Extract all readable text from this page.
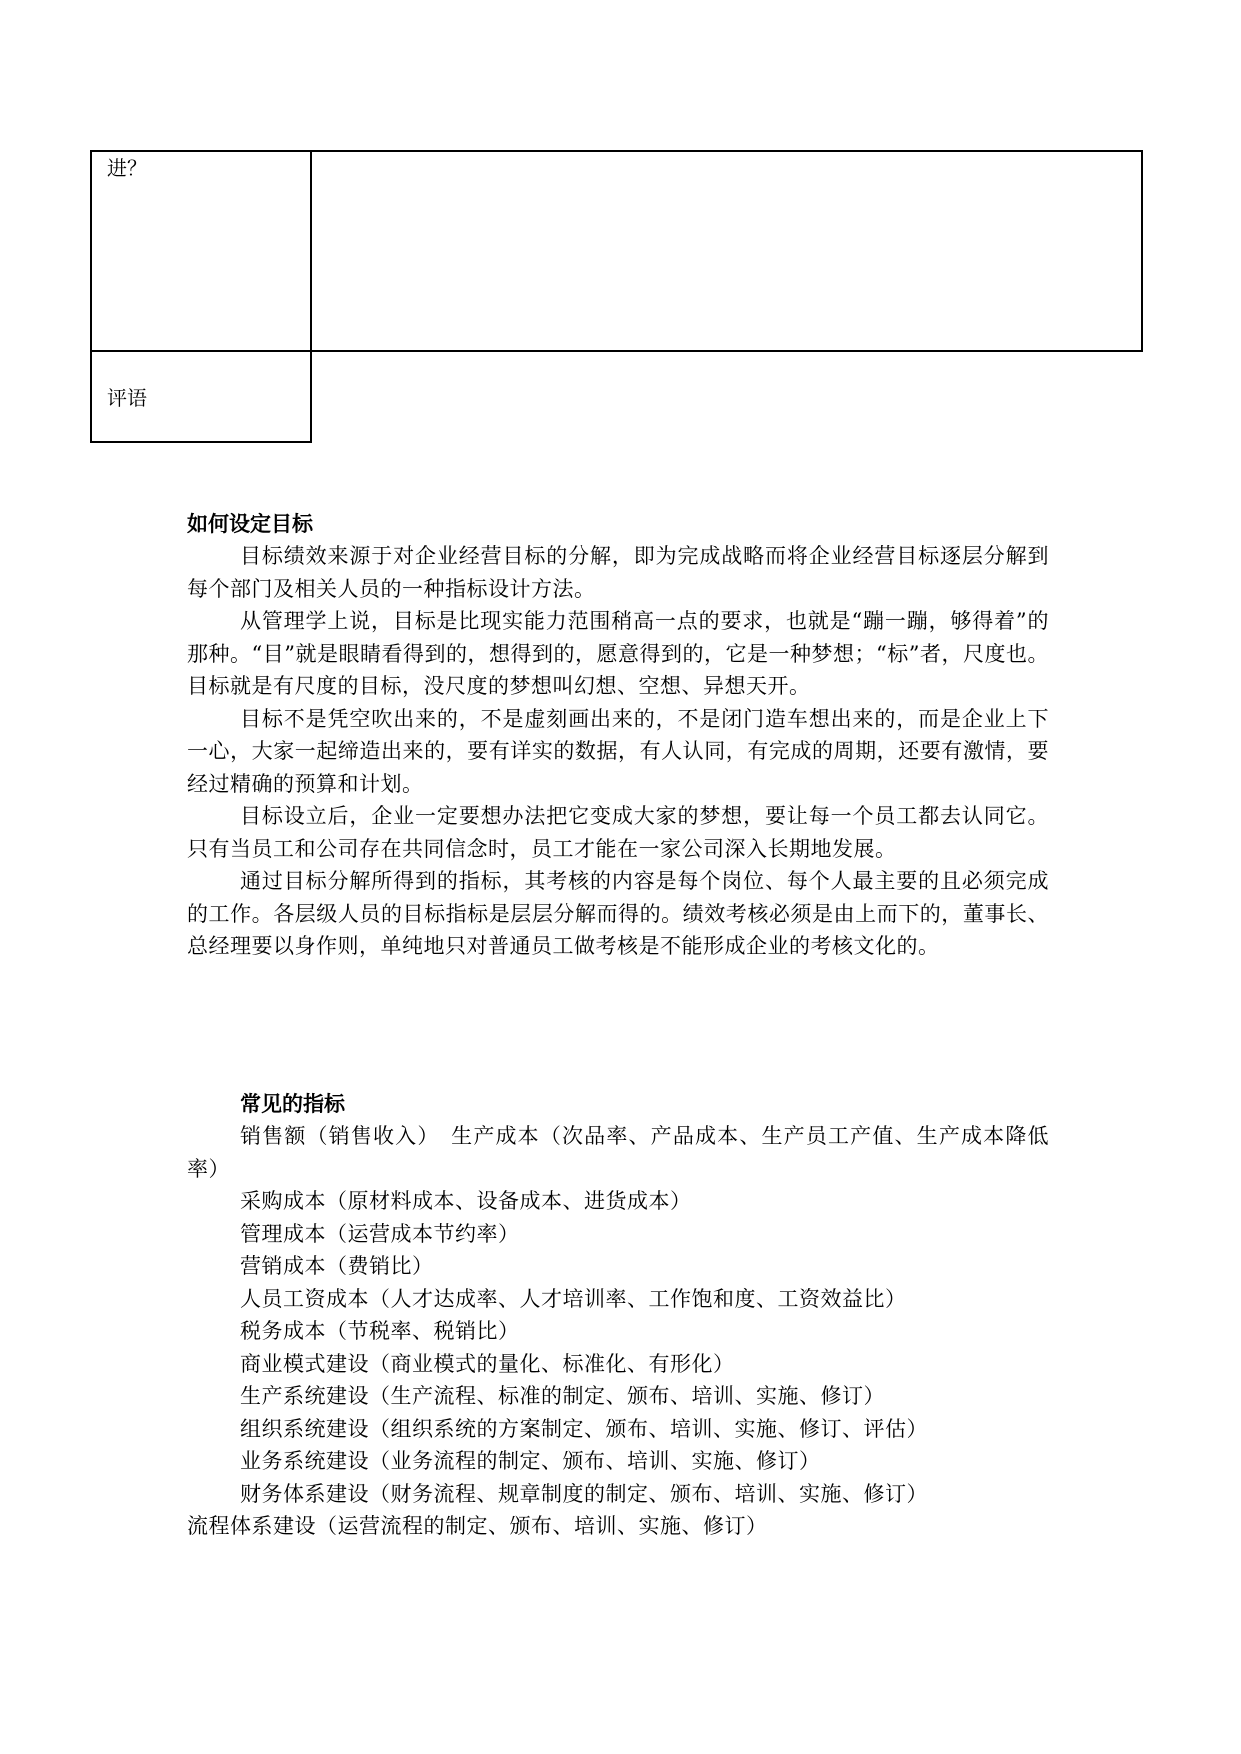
进？
评语

如何设定目标

目标绩效来源于对企业经营目标的分解，即为完成战略而将企业经营目标逐层分解到每个部门及相关人员的一种指标设计方法。

从管理学上说，目标是比现实能力范围稍高一点的要求，也就是“蹦一蹦，够得着”的那种。“目”就是眼睛看得到的，想得到的，愿意得到的，它是一种梦想；“标”者，尺度也。目标就是有尺度的目标，没尺度的梦想叫幻想、空想、异想天开。

目标不是凭空吹出来的，不是虚刻画出来的，不是闭门造车想出来的，而是企业上下一心，大家一起缔造出来的，要有详实的数据，有人认同，有完成的周期，还要有激情，要经过精确的预算和计划。

目标设立后，企业一定要想办法把它变成大家的梦想，要让每一个员工都去认同它。只有当员工和公司存在共同信念时，员工才能在一家公司深入长期地发展。

通过目标分解所得到的指标，其考核的内容是每个岗位、每个人最主要的且必须完成的工作。各层级人员的目标指标是层层分解而得的。绩效考核必须是由上而下的，董事长、总经理要以身作则，单纯地只对普通员工做考核是不能形成企业的考核文化的。

常见的指标

销售额（销售收入）　生产成本（次品率、产品成本、生产员工产值、生产成本降低率）

采购成本（原材料成本、设备成本、进货成本）

管理成本（运营成本节约率）

营销成本（费销比）

人员工资成本（人才达成率、人才培训率、工作饱和度、工资效益比）

税务成本（节税率、税销比）

商业模式建设（商业模式的量化、标准化、有形化）

生产系统建设（生产流程、标准的制定、颁布、培训、实施、修订）

组织系统建设（组织系统的方案制定、颁布、培训、实施、修订、评估）

业务系统建设（业务流程的制定、颁布、培训、实施、修订）

财务体系建设（财务流程、规章制度的制定、颁布、培训、实施、修订）

流程体系建设（运营流程的制定、颁布、培训、实施、修订）
